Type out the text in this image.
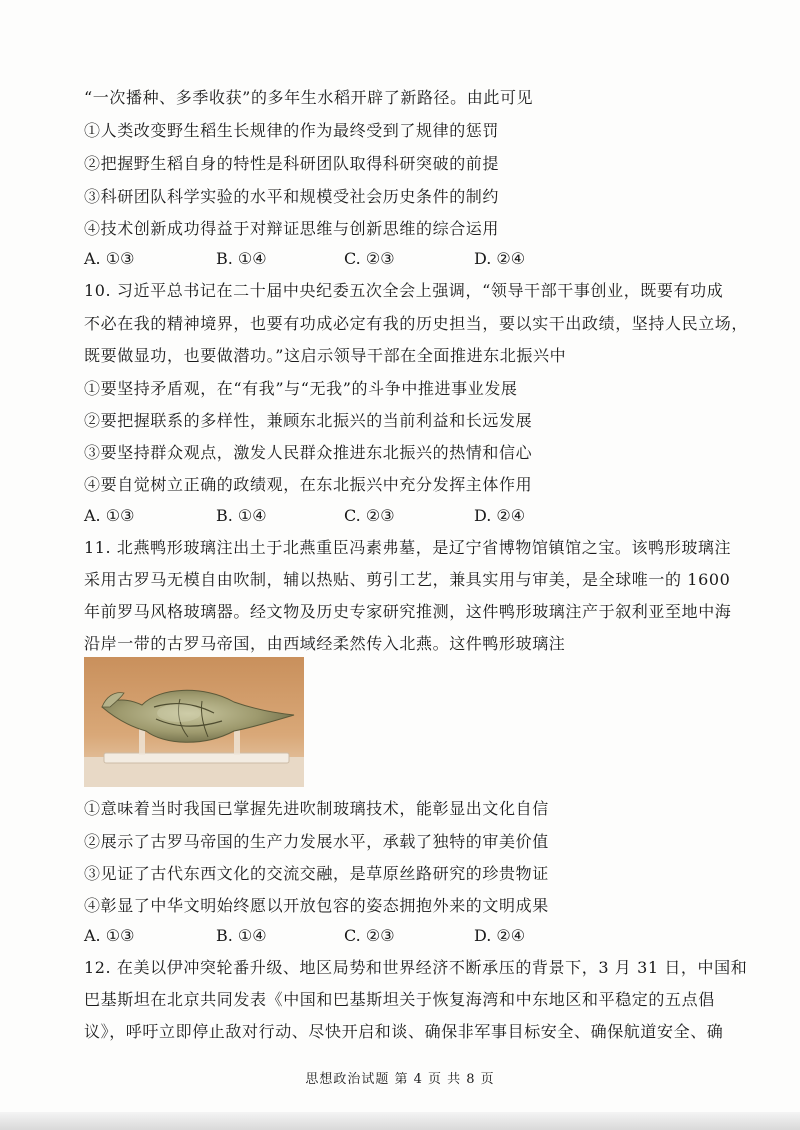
“一次播种、多季收获”的多年生水稻开辟了新路径。由此可见
①人类改变野生稻生长规律的作为最终受到了规律的惩罚
②把握野生稻自身的特性是科研团队取得科研突破的前提
③科研团队科学实验的水平和规模受社会历史条件的制约
④技术创新成功得益于对辩证思维与创新思维的综合运用
A. ①③	B. ①④	C. ②③	D. ②④
10. 习近平总书记在二十届中央纪委五次全会上强调，“领导干部干事创业，既要有功成
不必在我的精神境界，也要有功成必定有我的历史担当，要以实干出政绩，坚持人民立场，
既要做显功，也要做潜功。”这启示领导干部在全面推进东北振兴中
①要坚持矛盾观，在“有我”与“无我”的斗争中推进事业发展
②要把握联系的多样性，兼顾东北振兴的当前利益和长远发展
③要坚持群众观点，激发人民群众推进东北振兴的热情和信心
④要自觉树立正确的政绩观，在东北振兴中充分发挥主体作用
A. ①③	B. ①④	C. ②③	D. ②④
11. 北燕鸭形玻璃注出土于北燕重臣冯素弗墓，是辽宁省博物馆镇馆之宝。该鸭形玻璃注
采用古罗马无模自由吹制，辅以热贴、剪引工艺，兼具实用与审美，是全球唯一的 1600
年前罗马风格玻璃器。经文物及历史专家研究推测，这件鸭形玻璃注产于叙利亚至地中海
沿岸一带的古罗马帝国，由西域经柔然传入北燕。这件鸭形玻璃注
①意味着当时我国已掌握先进吹制玻璃技术，能彰显出文化自信
②展示了古罗马帝国的生产力发展水平，承载了独特的审美价值
③见证了古代东西文化的交流交融，是草原丝路研究的珍贵物证
④彰显了中华文明始终愿以开放包容的姿态拥抱外来的文明成果
A. ①③	B. ①④	C. ②③	D. ②④
12. 在美以伊冲突轮番升级、地区局势和世界经济不断承压的背景下，3 月 31 日，中国和
巴基斯坦在北京共同发表《中国和巴基斯坦关于恢复海湾和中东地区和平稳定的五点倡
议》，呼吁立即停止敌对行动、尽快开启和谈、确保非军事目标安全、确保航道安全、确
思想政治试题 第 4 页 共 8 页
